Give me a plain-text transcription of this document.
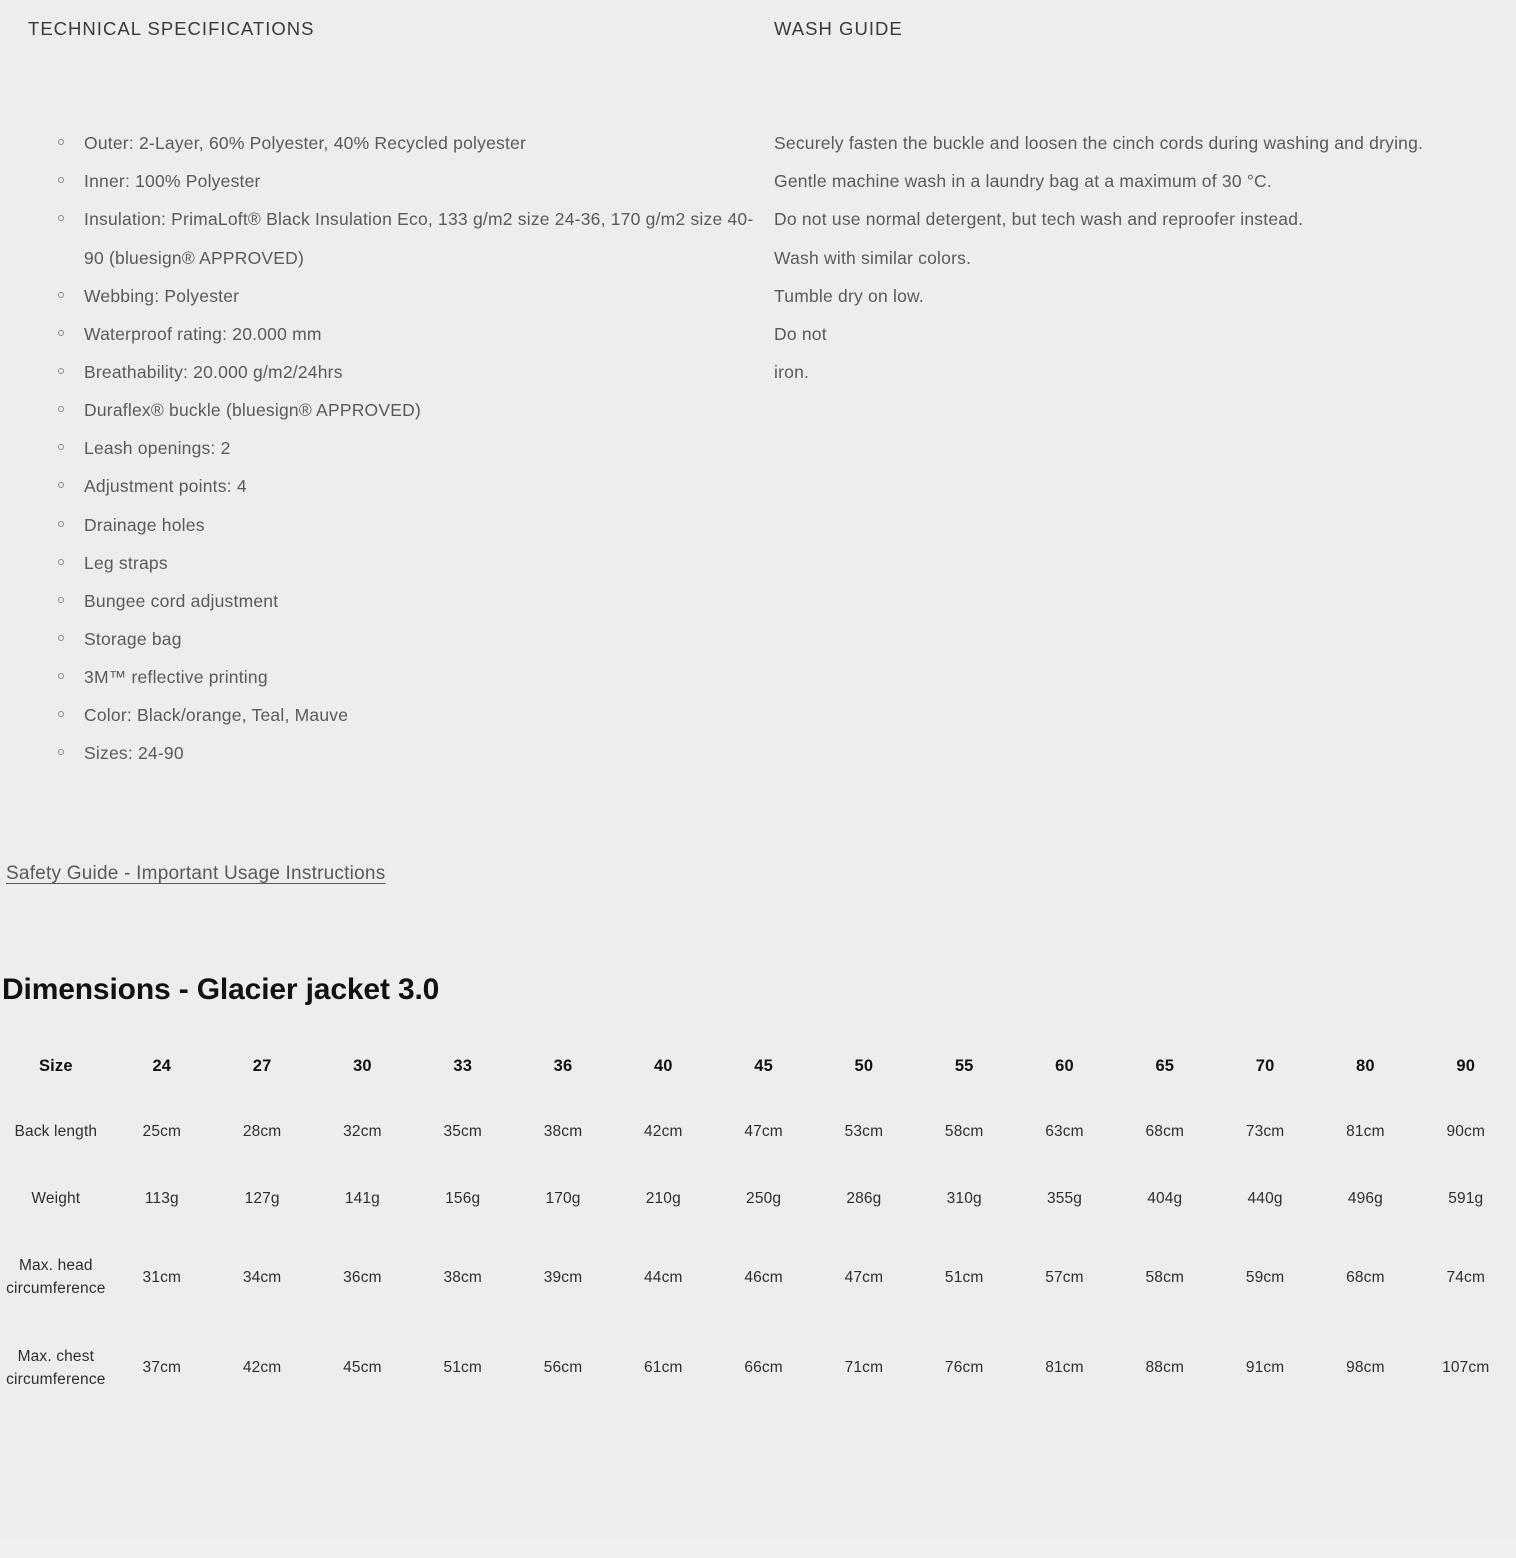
TECHNICAL SPECIFICATIONS
Outer: 2-Layer, 60% Polyester, 40% Recycled polyester
Inner: 100% Polyester
Insulation: PrimaLoft® Black Insulation Eco, 133 g/m2 size 24-36, 170 g/m2 size 40-90 (bluesign® APPROVED)
Webbing: Polyester
Waterproof rating: 20.000 mm
Breathability: 20.000 g/m2/24hrs
Duraflex® buckle (bluesign® APPROVED)
Leash openings: 2
Adjustment points: 4
Drainage holes
Leg straps
Bungee cord adjustment
Storage bag
3M™ reflective printing
Color: Black/orange, Teal, Mauve
Sizes: 24-90
WASH GUIDE

Securely fasten the buckle and loosen the cinch cords during washing and drying.

Gentle machine wash in a laundry bag at a maximum of 30 °C.

Do not use normal detergent, but tech wash and reproofer instead.

Wash with similar colors.

Tumble dry on low.

Do not

iron.

Safety Guide - Important Usage Instructions
Dimensions - Glacier jacket 3.0
Size	24	27	30	33	36	40	45	50	55	60	65	70	80	90
Back length	25cm	28cm	32cm	35cm	38cm	42cm	47cm	53cm	58cm	63cm	68cm	73cm	81cm	90cm
Weight	113g	127g	141g	156g	170g	210g	250g	286g	310g	355g	404g	440g	496g	591g
Max. head circumference	31cm	34cm	36cm	38cm	39cm	44cm	46cm	47cm	51cm	57cm	58cm	59cm	68cm	74cm
Max. chest circumference	37cm	42cm	45cm	51cm	56cm	61cm	66cm	71cm	76cm	81cm	88cm	91cm	98cm	107cm
